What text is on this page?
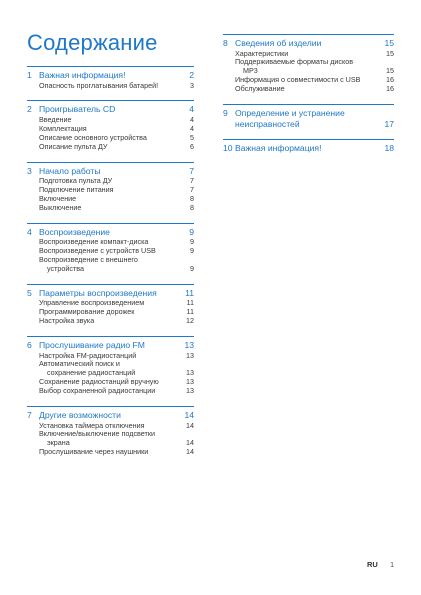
Содержание
1 Важная информация!	2
Опасность проглатывания батарей!	3
2 Проигрыватель CD	4
Введение	4
Комплектация	4
Описание основного устройства	5
Описание пульта ДУ	6
3 Начало работы	7
Подготовка пульта ДУ	7
Подключение питания	7
Включение	8
Выключение	8
4 Воспроизведение	9
Воспроизведение компакт-диска	9
Воспроизведение с устройств USB	9
Воспроизведение с внешнего
устройства	9
5 Параметры воспроизведения	11
Управление воспроизведением	11
Программирование дорожек	11
Настройка звука	12
6 Прослушивание радио FM	13
Настройка FM-радиостанций	13
Автоматический поиск и
сохранение радиостанций	13
Сохранение радиостанций вручную	13
Выбор сохраненной радиостанции	13
7 Другие возможности	14
Установка таймера отключения	14
Включение/выключение подсветки
экрана	14
Прослушивание через наушники	14
8 Сведения об изделии	15
Характеристики	15
Поддерживаемые форматы дисков
MP3	15
Информация о совместимости с USB	16
Обслуживание	16
9 Определение и устранение неисправностей	17
10 Важная информация!	18
RU 1
